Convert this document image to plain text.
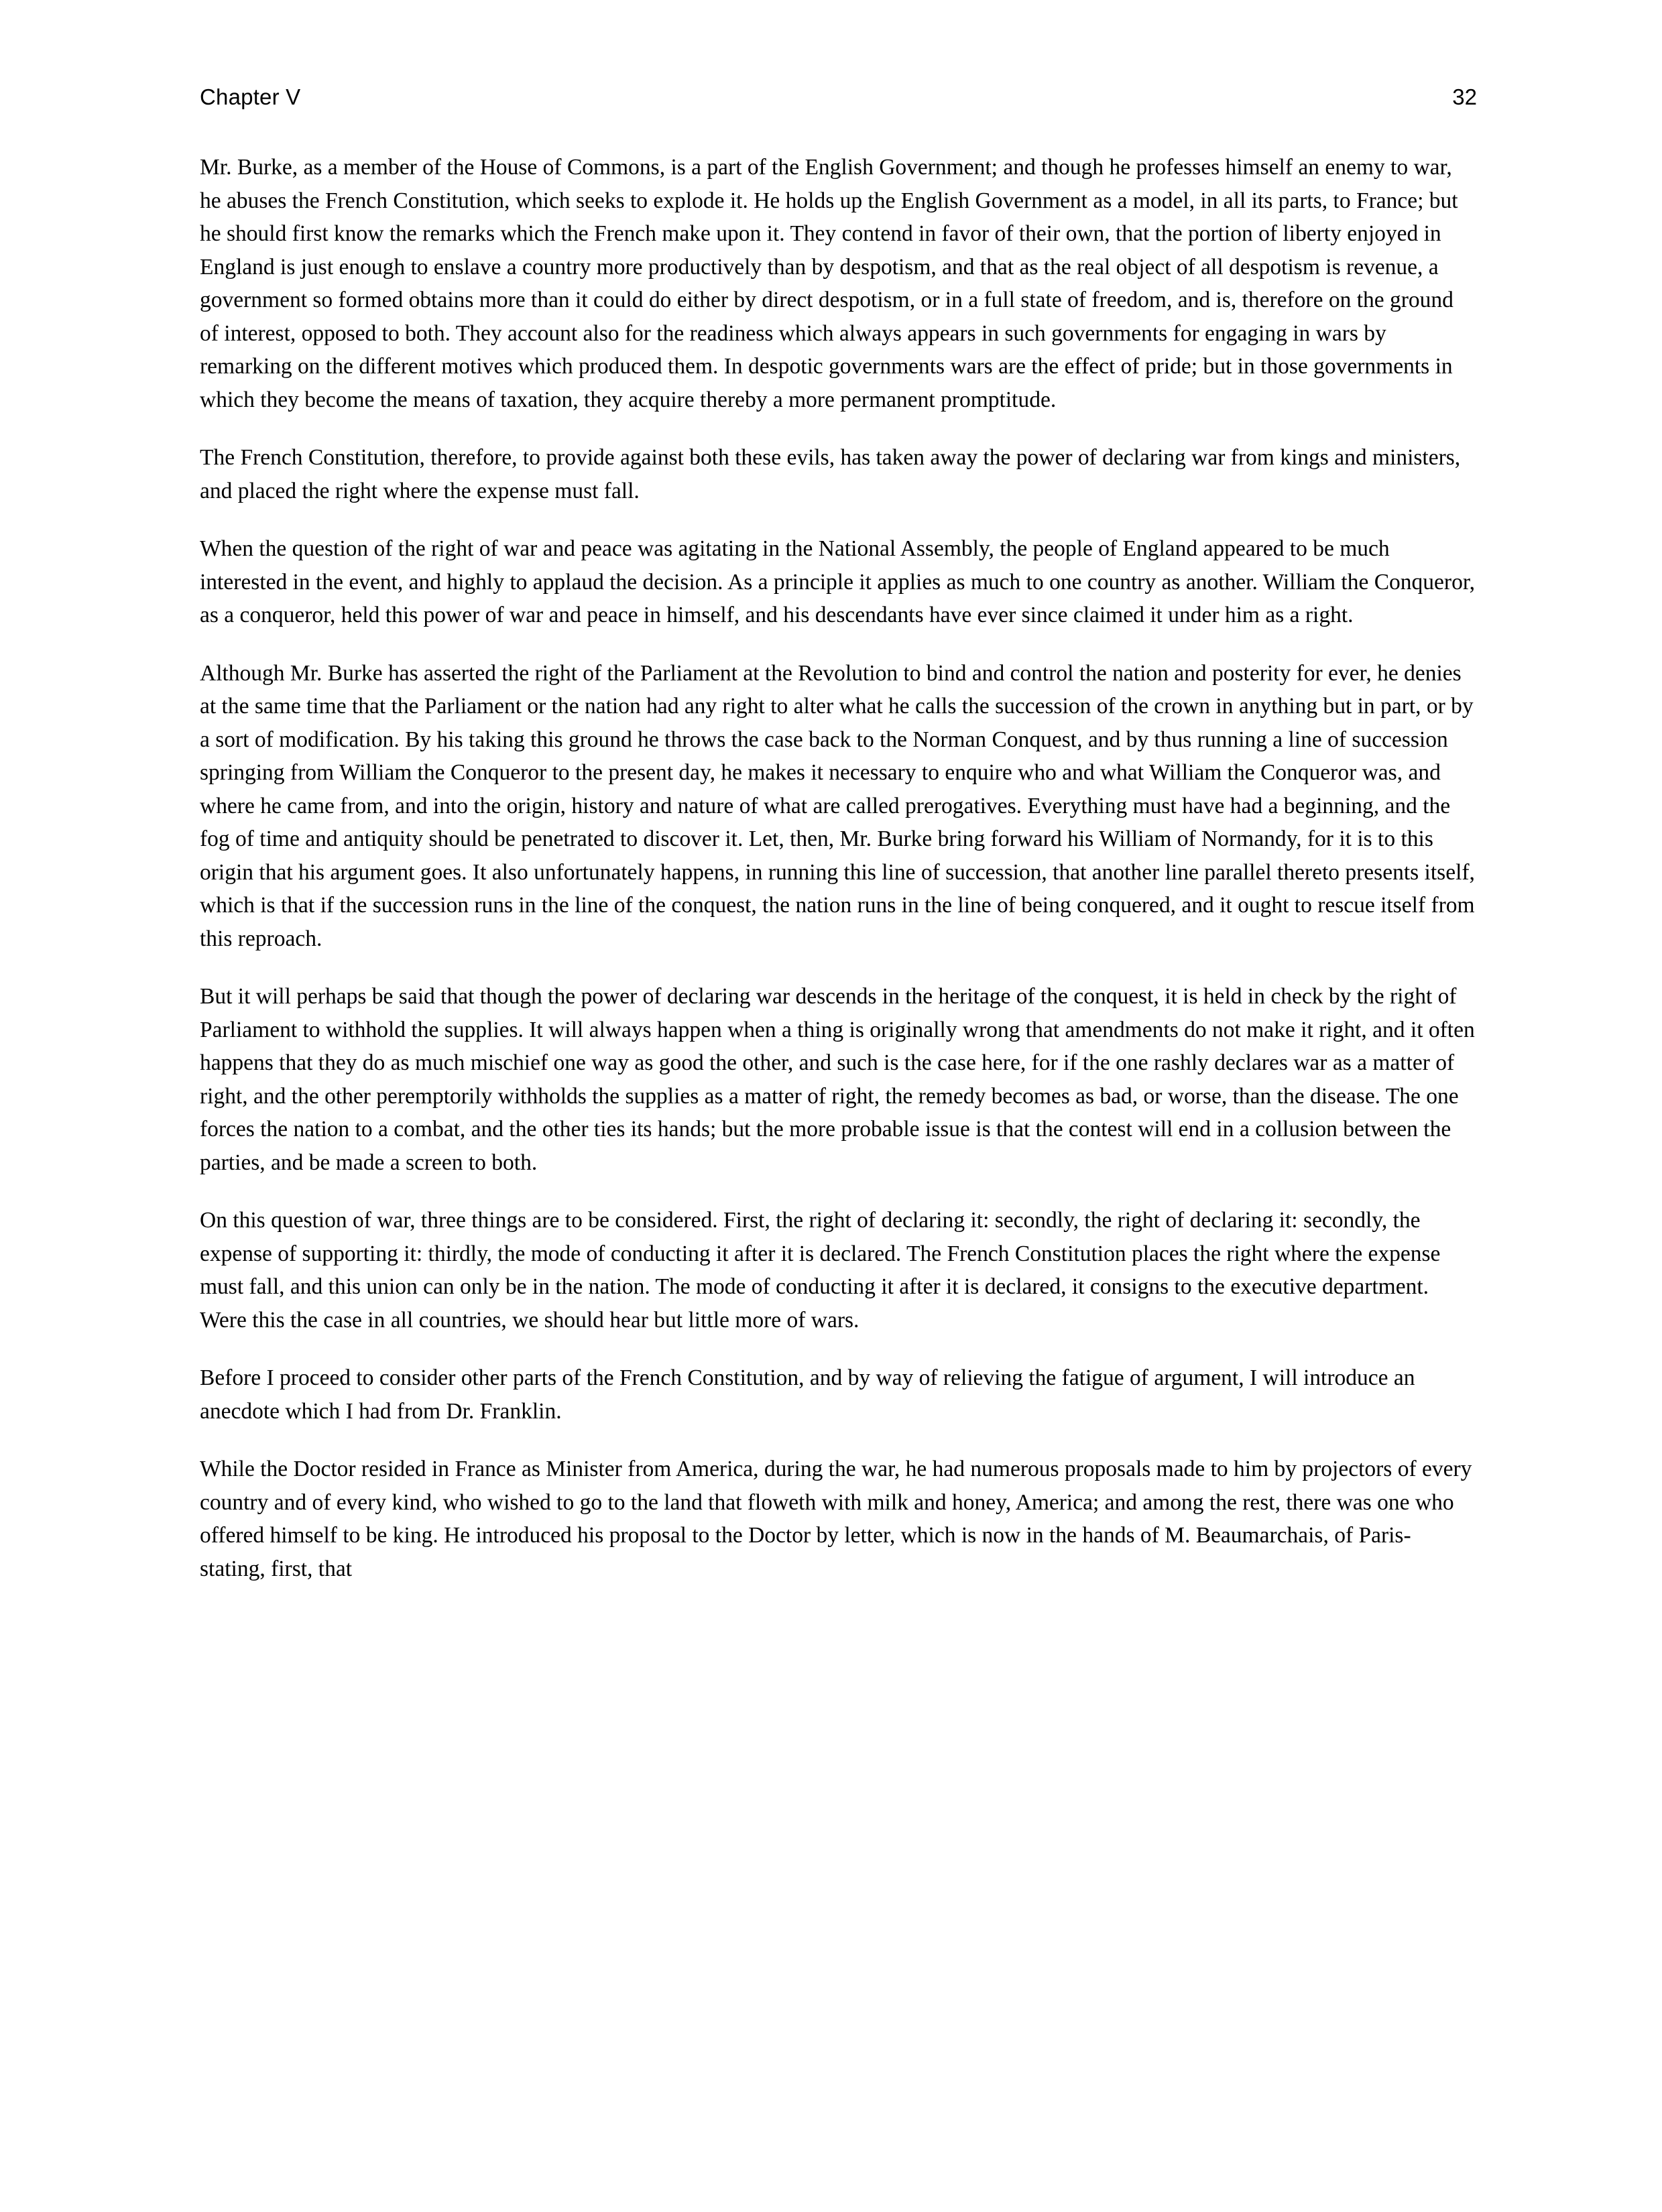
Chapter V	32

Mr. Burke, as a member of the House of Commons, is a part of the English Government; and though he professes himself an enemy to war, he abuses the French Constitution, which seeks to explode it. He holds up the English Government as a model, in all its parts, to France; but he should first know the remarks which the French make upon it. They contend in favor of their own, that the portion of liberty enjoyed in England is just enough to enslave a country more productively than by despotism, and that as the real object of all despotism is revenue, a government so formed obtains more than it could do either by direct despotism, or in a full state of freedom, and is, therefore on the ground of interest, opposed to both. They account also for the readiness which always appears in such governments for engaging in wars by remarking on the different motives which produced them. In despotic governments wars are the effect of pride; but in those governments in which they become the means of taxation, they acquire thereby a more permanent promptitude.

The French Constitution, therefore, to provide against both these evils, has taken away the power of declaring war from kings and ministers, and placed the right where the expense must fall.

When the question of the right of war and peace was agitating in the National Assembly, the people of England appeared to be much interested in the event, and highly to applaud the decision. As a principle it applies as much to one country as another. William the Conqueror, as a conqueror, held this power of war and peace in himself, and his descendants have ever since claimed it under him as a right.

Although Mr. Burke has asserted the right of the Parliament at the Revolution to bind and control the nation and posterity for ever, he denies at the same time that the Parliament or the nation had any right to alter what he calls the succession of the crown in anything but in part, or by a sort of modification. By his taking this ground he throws the case back to the Norman Conquest, and by thus running a line of succession springing from William the Conqueror to the present day, he makes it necessary to enquire who and what William the Conqueror was, and where he came from, and into the origin, history and nature of what are called prerogatives. Everything must have had a beginning, and the fog of time and antiquity should be penetrated to discover it. Let, then, Mr. Burke bring forward his William of Normandy, for it is to this origin that his argument goes. It also unfortunately happens, in running this line of succession, that another line parallel thereto presents itself, which is that if the succession runs in the line of the conquest, the nation runs in the line of being conquered, and it ought to rescue itself from this reproach.

But it will perhaps be said that though the power of declaring war descends in the heritage of the conquest, it is held in check by the right of Parliament to withhold the supplies. It will always happen when a thing is originally wrong that amendments do not make it right, and it often happens that they do as much mischief one way as good the other, and such is the case here, for if the one rashly declares war as a matter of right, and the other peremptorily withholds the supplies as a matter of right, the remedy becomes as bad, or worse, than the disease. The one forces the nation to a combat, and the other ties its hands; but the more probable issue is that the contest will end in a collusion between the parties, and be made a screen to both.

On this question of war, three things are to be considered. First, the right of declaring it: secondly, the right of declaring it: secondly, the expense of supporting it: thirdly, the mode of conducting it after it is declared. The French Constitution places the right where the expense must fall, and this union can only be in the nation. The mode of conducting it after it is declared, it consigns to the executive department. Were this the case in all countries, we should hear but little more of wars.

Before I proceed to consider other parts of the French Constitution, and by way of relieving the fatigue of argument, I will introduce an anecdote which I had from Dr. Franklin.

While the Doctor resided in France as Minister from America, during the war, he had numerous proposals made to him by projectors of every country and of every kind, who wished to go to the land that floweth with milk and honey, America; and among the rest, there was one who offered himself to be king. He introduced his proposal to the Doctor by letter, which is now in the hands of M. Beaumarchais, of Paris- stating, first, that
